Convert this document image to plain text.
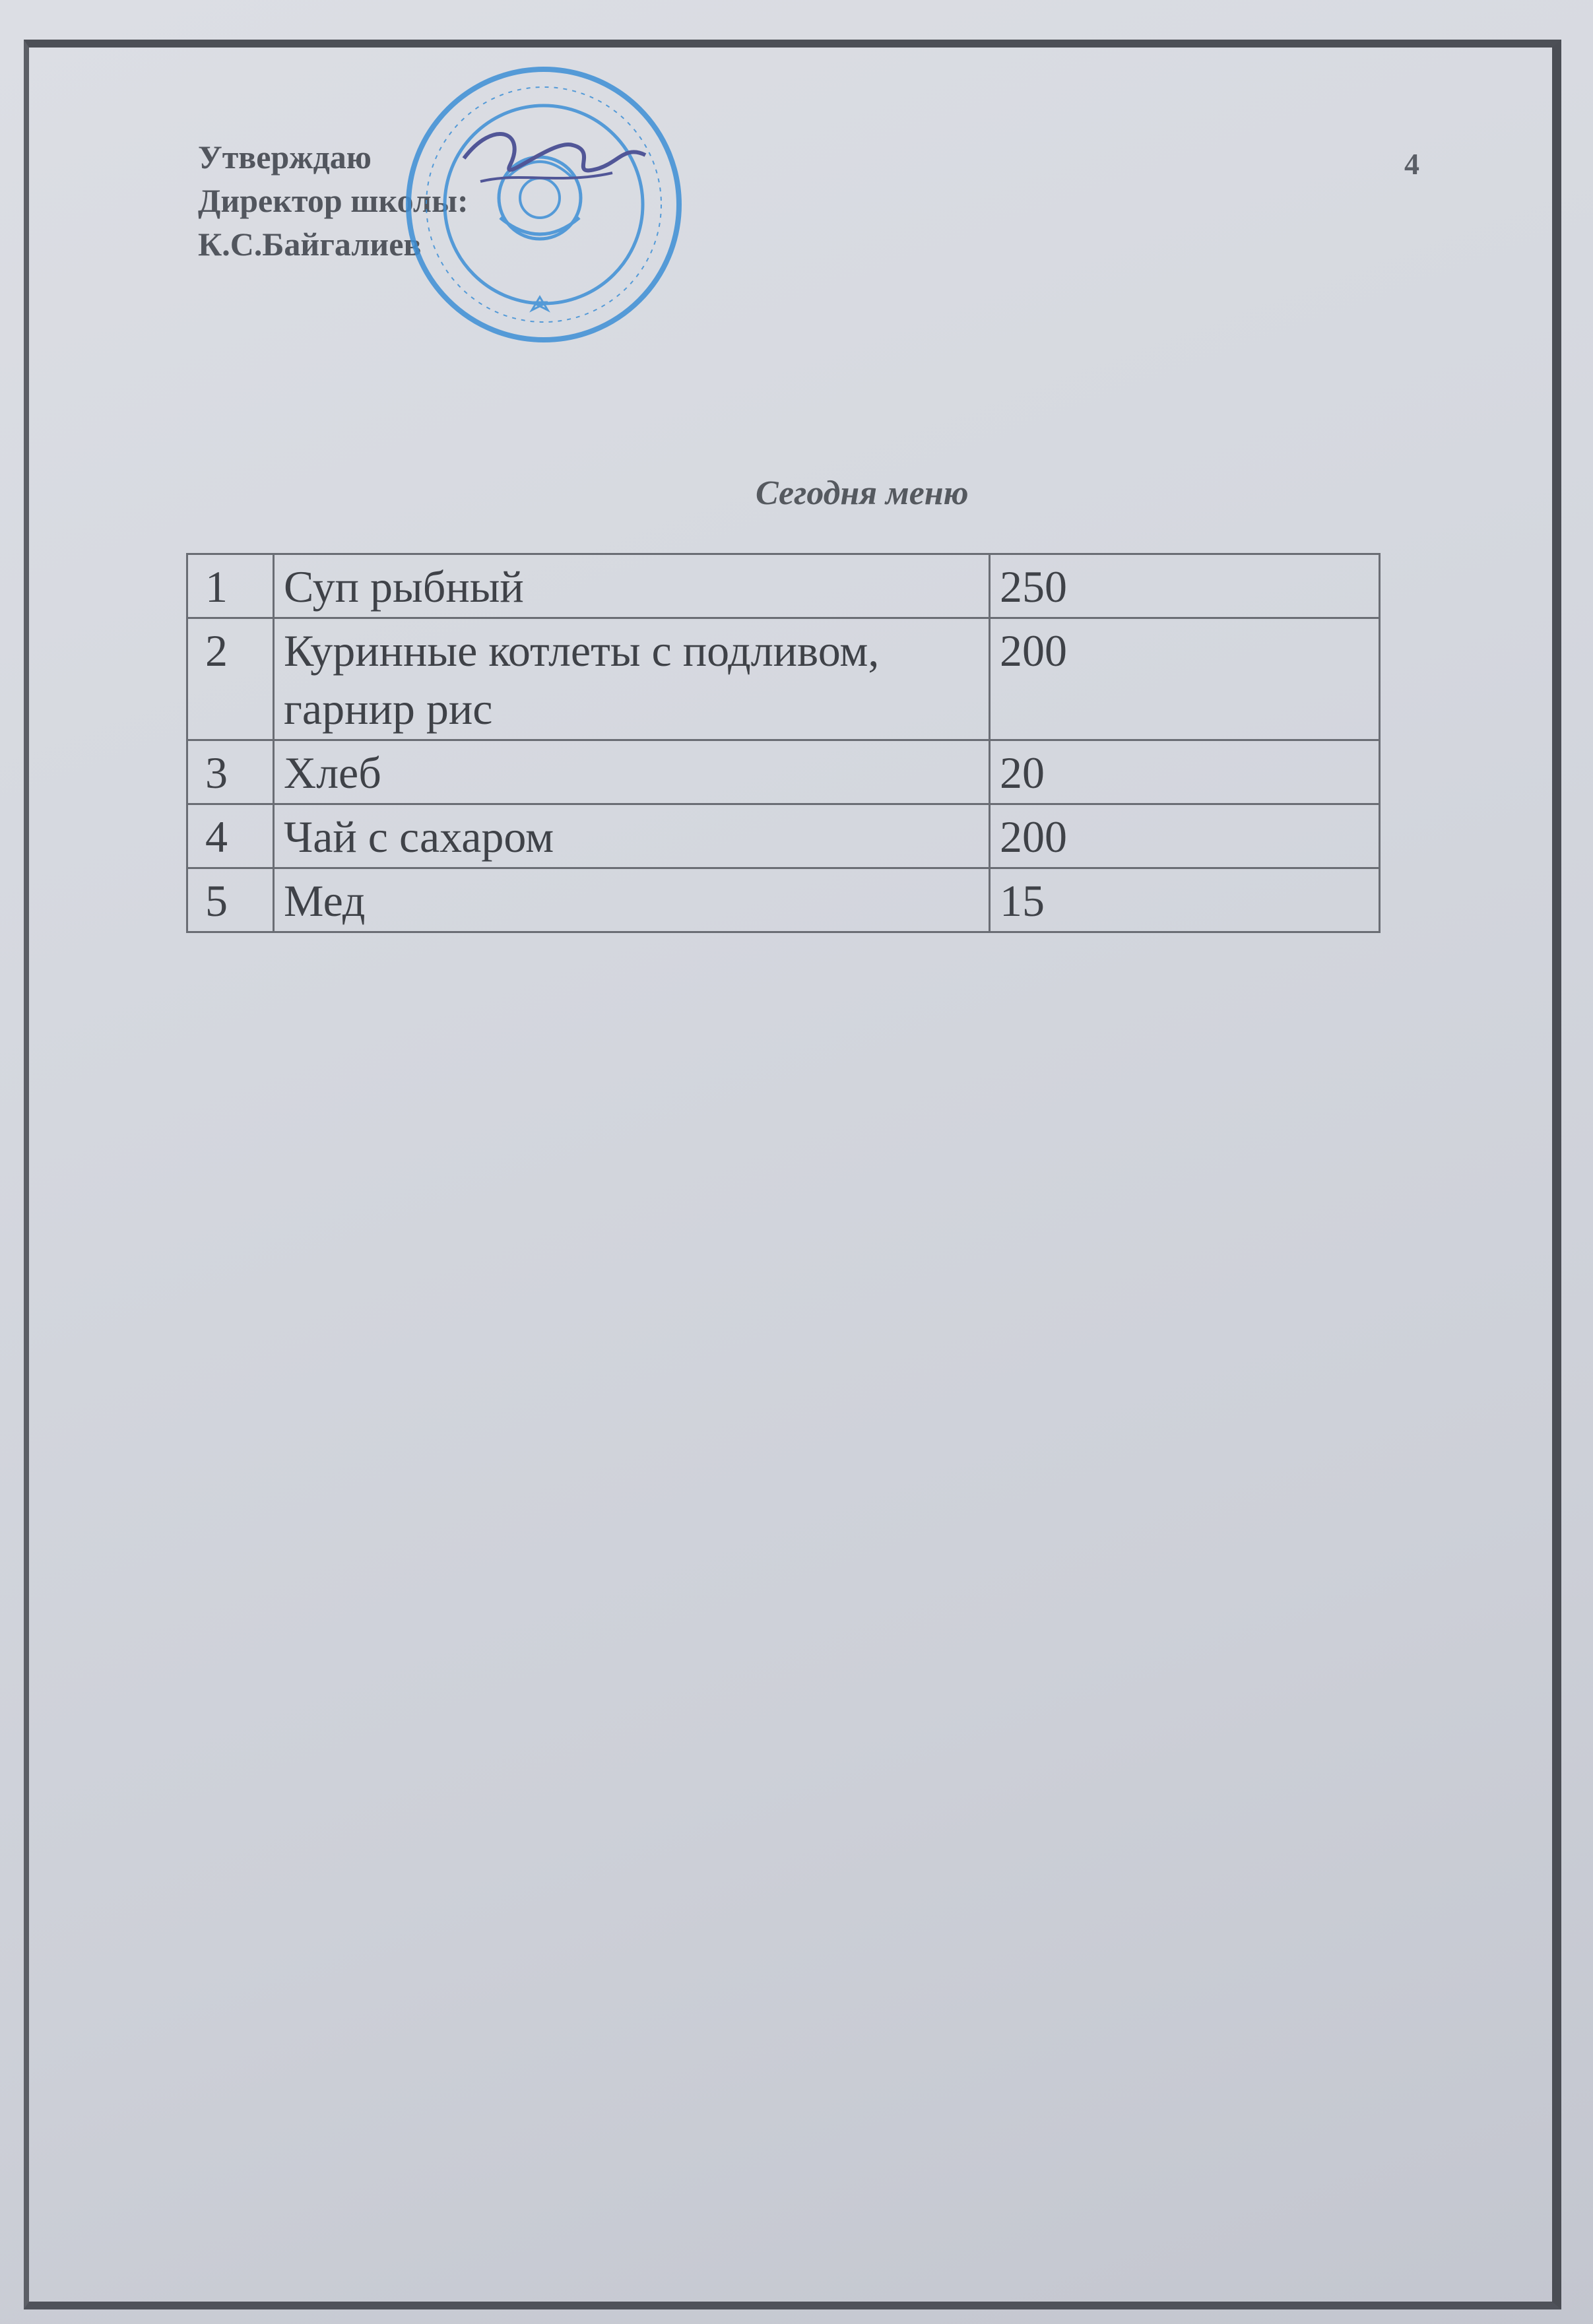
Утверждаю
Директор школы:
К.С.Байгалиев
4
Сегодня меню
1	Суп рыбный	250
2	Куринные котлеты с подливом, гарнир рис	200
3	Хлеб	20
4	Чай с сахаром	200
5	Мед	15
